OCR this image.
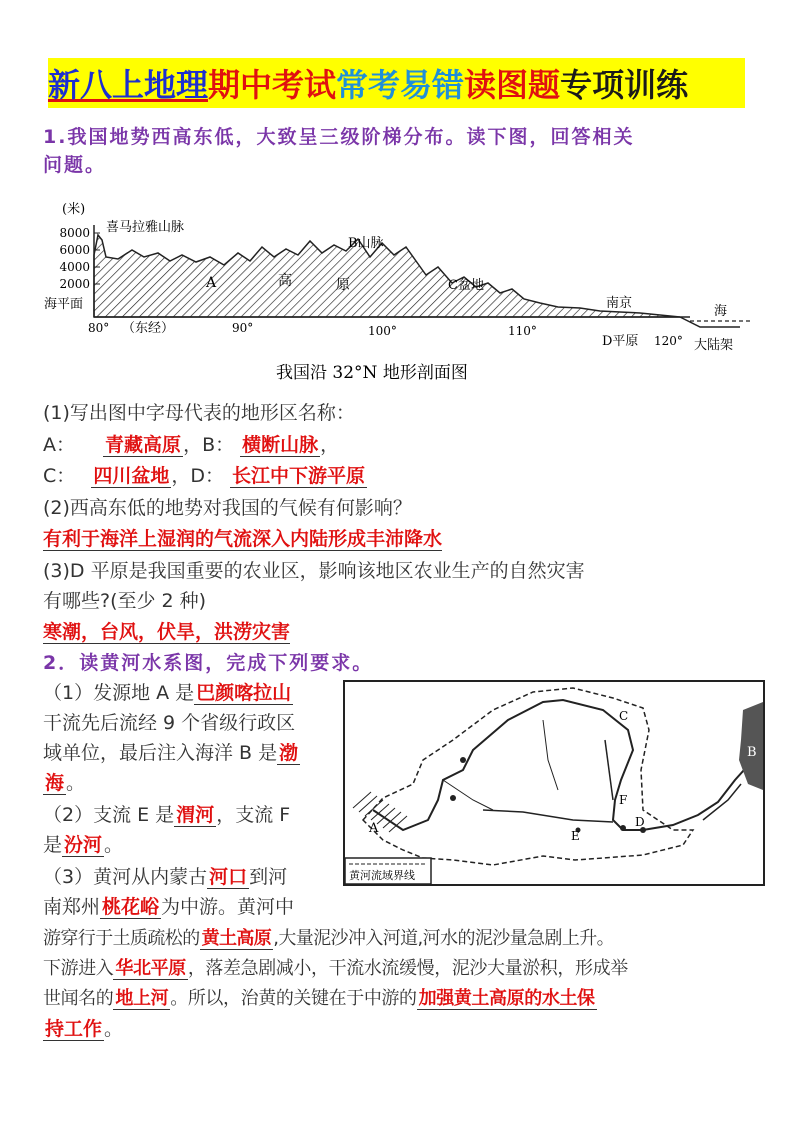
新八上地理 期中考试 常考易错 读图题 专项训练
1.我国地势西高东低，大致呈三级阶梯分布。读下图，回答相关
问题。
(米)
8000
6000
4000
2000
海平面
80° （东经）	90°	100°	110°
120°
喜马拉雅山脉
B山脉
A	高	原	C盆地
南京
D平原
海
大陆架
我国沿 32°N 地形剖面图
(1)写出图中字母代表的地形区名称：
A： 青藏高原 ，B： 横断山脉 ，
C： 四川盆地 ，D： 长江中下游平原
(2)西高东低的地势对我国的气候有何影响？
有利于海洋上湿润的气流深入内陆形成丰沛降水
(3)D 平原是我国重要的农业区，影响该地区农业生产的自然灾害
有哪些?(至少 2 种)
寒潮，台风，伏旱，洪涝灾害
2．读黄河水系图，完成下列要求。
A
B
C
D
E
F
黄河流域界线
（1）发源地 A 是 巴颜喀拉山
干流先后流经 9 个省级行政区
域单位，最后注入海洋 B 是 渤
海 。
（2）支流 E 是 渭河 ，支流 F
是 汾河 。
（3）黄河从内蒙古 河口 到河
南郑州 桃花峪 为中游。黄河中
游穿行于土质疏松的 黄土高原 ,大量泥沙冲入河道,河水的泥沙量急剧上升。
下游进入 华北平原 ，落差急剧减小，干流水流缓慢，泥沙大量淤积，形成举
世闻名的 地上河 。所以，治黄的关键在于中游的 加强黄土高原的水土保
持工作 。
